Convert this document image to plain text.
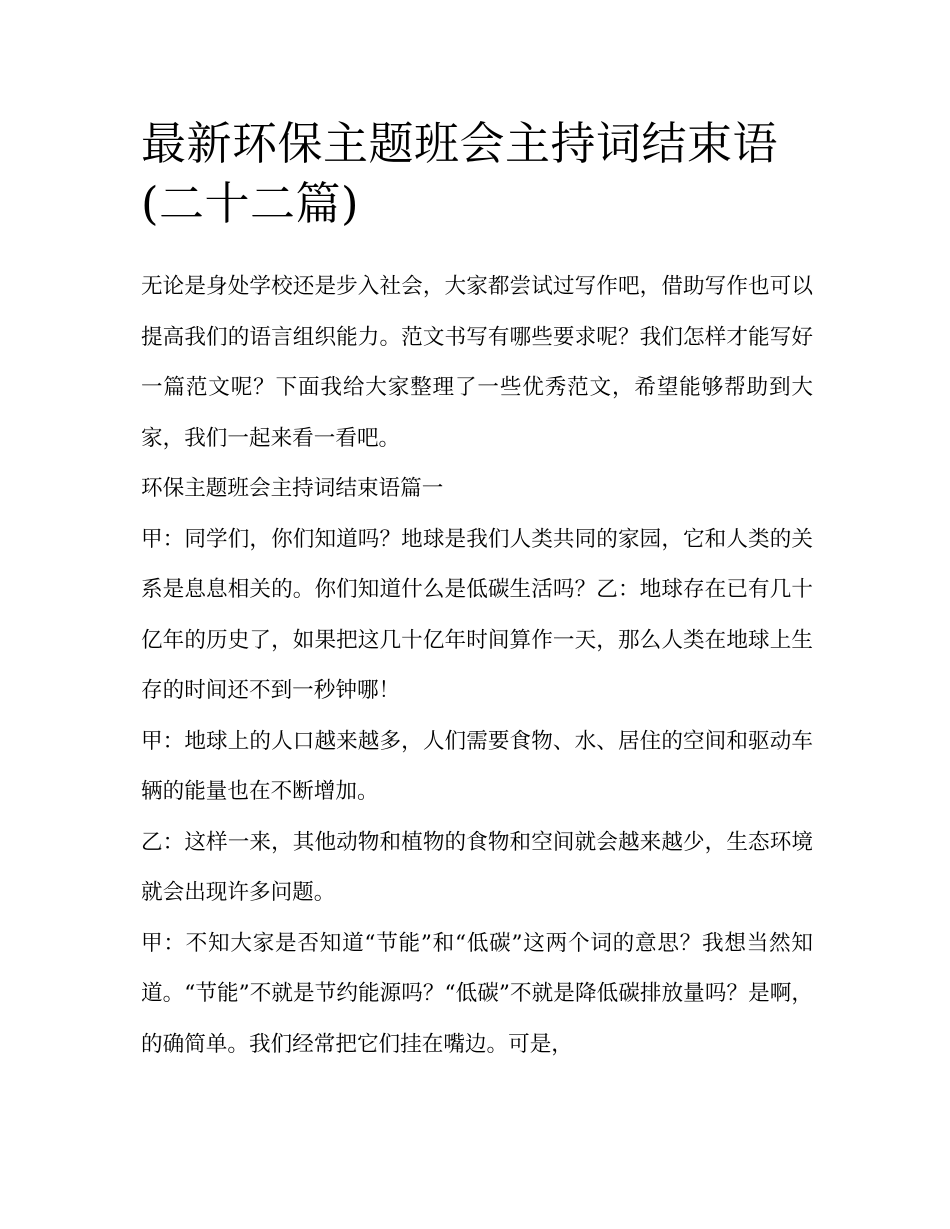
最新环保主题班会主持词结束语(二十二篇)

无论是身处学校还是步入社会，大家都尝试过写作吧，借助写作也可以提高我们的语言组织能力。范文书写有哪些要求呢？我们怎样才能写好一篇范文呢？下面我给大家整理了一些优秀范文，希望能够帮助到大家，我们一起来看一看吧。

环保主题班会主持词结束语篇一

甲：同学们，你们知道吗？地球是我们人类共同的家园，它和人类的关系是息息相关的。你们知道什么是低碳生活吗？乙：地球存在已有几十亿年的历史了，如果把这几十亿年时间算作一天，那么人类在地球上生存的时间还不到一秒钟哪！

甲：地球上的人口越来越多，人们需要食物、水、居住的空间和驱动车辆的能量也在不断增加。

乙：这样一来，其他动物和植物的食物和空间就会越来越少，生态环境就会出现许多问题。

甲：不知大家是否知道“节能”和“低碳”这两个词的意思？我想当然知道。“节能”不就是节约能源吗？“低碳”不就是降低碳排放量吗？是啊，的确简单。我们经常把它们挂在嘴边。可是，
